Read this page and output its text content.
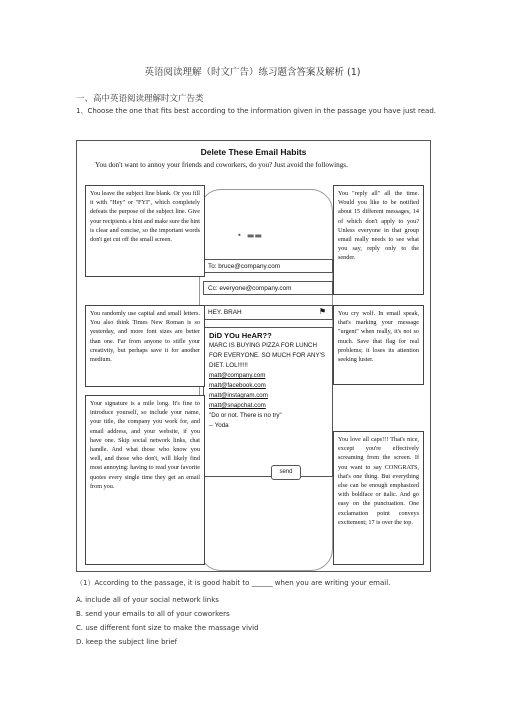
英语阅读理解（时文广告）练习题含答案及解析 (1)
一、高中英语阅读理解时文广告类
1、Choose the one that fits best according to the information given in the passage you have just read.
Delete These Email Habits
You don't want to annoy your friends and coworkers, do you? Just avoid the followings.
•  ▬▬
To: bruce@company.com
Cc: everyone@company.com
HEY. BRAH	⚑
DiD YOu HeAR??
MARC IS BUYING PIZZA FOR LUNCH FOR EVERYONE. SO MUCH FOR ANY'S DIET. LOL!!!!!!
matt@company.com
matt@facebook.com
matt@instagram.com
matt@snapchat.com
"Do or not. There is no try"
-- Yoda
send
You leave the subject line blank. Or you fill it with "Hey" or "FYI", which completely defeats the purpose of the subject line. Give your recipients a hint and make sure the hint is clear and concise, so the important words don't get cut off the small screen.
You randomly use capital and small letters. You also think Times New Roman is so yesterday, and more font sizes are better than one. Far from anyone to stifle your creativity, but perhaps save it for another medium.
Your signature is a mile long. It's fine to introduce yourself, so include your name, your title, the company you work for, and email address, and your website, if you have one. Skip social network links, chat handle. And what those who know you well, and those who don't, will likely find most annoying: having to read your favorite quotes every single time they get an email from you.
You "reply all" all the time. Would you like to be notified about 15 different messages, 14 of which don't apply to you? Unless everyone in that group email really needs to see what you say, reply only to the sender.
You cry wolf. In email speak, that's marking your message "urgent" when really, it's not so much. Save that flag for real problems; it loses its attention seeking luster.
You love all caps!!! That's nice, except you're effectively screaming from the screen. If you want to say CONGRATS, that's one thing. But everything else can be enough emphasized with boldface or italic. And go easy on the punctuation. One exclamation point conveys excitement; 17 is over the top.
（1）According to the passage, it is good habit to ______ when you are writing your email.
A. include all of your social network links
B. send your emails to all of your coworkers
C. use different font size to make the massage vivid
D. keep the subject line brief
